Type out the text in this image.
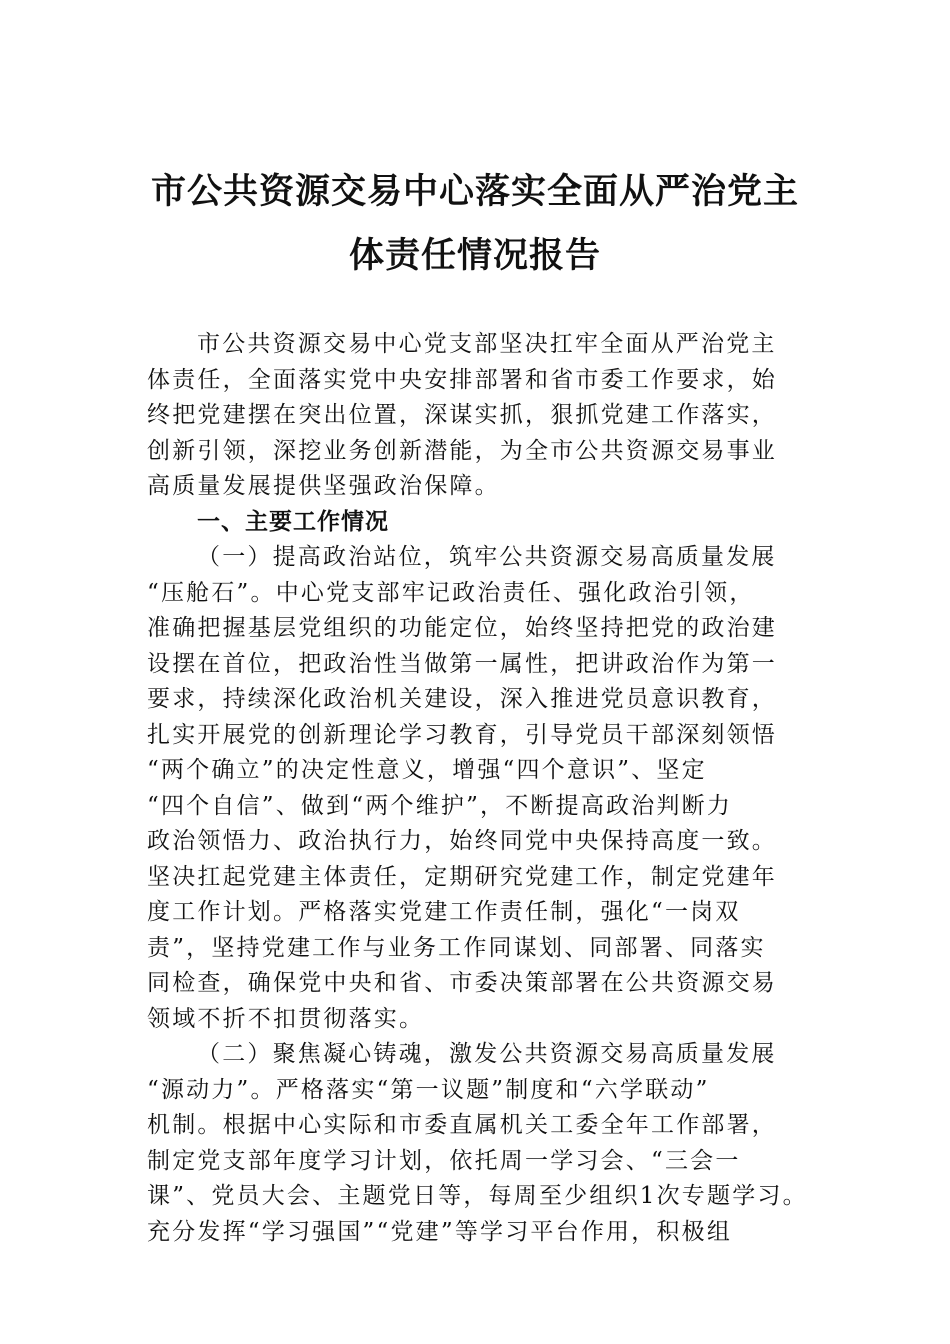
市公共资源交易中心落实全面从严治党主
体责任情况报告
市公共资源交易中心党支部坚决扛牢全面从严治党主
体责任，全面落实党中央安排部署和省市委工作要求，始
终把党建摆在突出位置，深谋实抓，狠抓党建工作落实，
创新引领，深挖业务创新潜能，为全市公共资源交易事业
高质量发展提供坚强政治保障。
一、主要工作情况
（一）提高政治站位，筑牢公共资源交易高质量发展
“压舱石”。中心党支部牢记政治责任、强化政治引领，
准确把握基层党组织的功能定位，始终坚持把党的政治建
设摆在首位，把政治性当做第一属性，把讲政治作为第一
要求，持续深化政治机关建设，深入推进党员意识教育，
扎实开展党的创新理论学习教育，引导党员干部深刻领悟
“两个确立”的决定性意义，增强“四个意识”、坚定
“四个自信”、做到“两个维护”，不断提高政治判断力
政治领悟力、政治执行力，始终同党中央保持高度一致。
坚决扛起党建主体责任，定期研究党建工作，制定党建年
度工作计划。严格落实党建工作责任制，强化“一岗双
责”，坚持党建工作与业务工作同谋划、同部署、同落实
同检查，确保党中央和省、市委决策部署在公共资源交易
领域不折不扣贯彻落实。
（二）聚焦凝心铸魂，激发公共资源交易高质量发展
“源动力”。严格落实“第一议题”制度和“六学联动”
机制。根据中心实际和市委直属机关工委全年工作部署，
制定党支部年度学习计划，依托周一学习会、“三会一
课”、党员大会、主题党日等，每周至少组织1次专题学习。
充分发挥“学习强国”“党建”等学习平台作用，积极组
